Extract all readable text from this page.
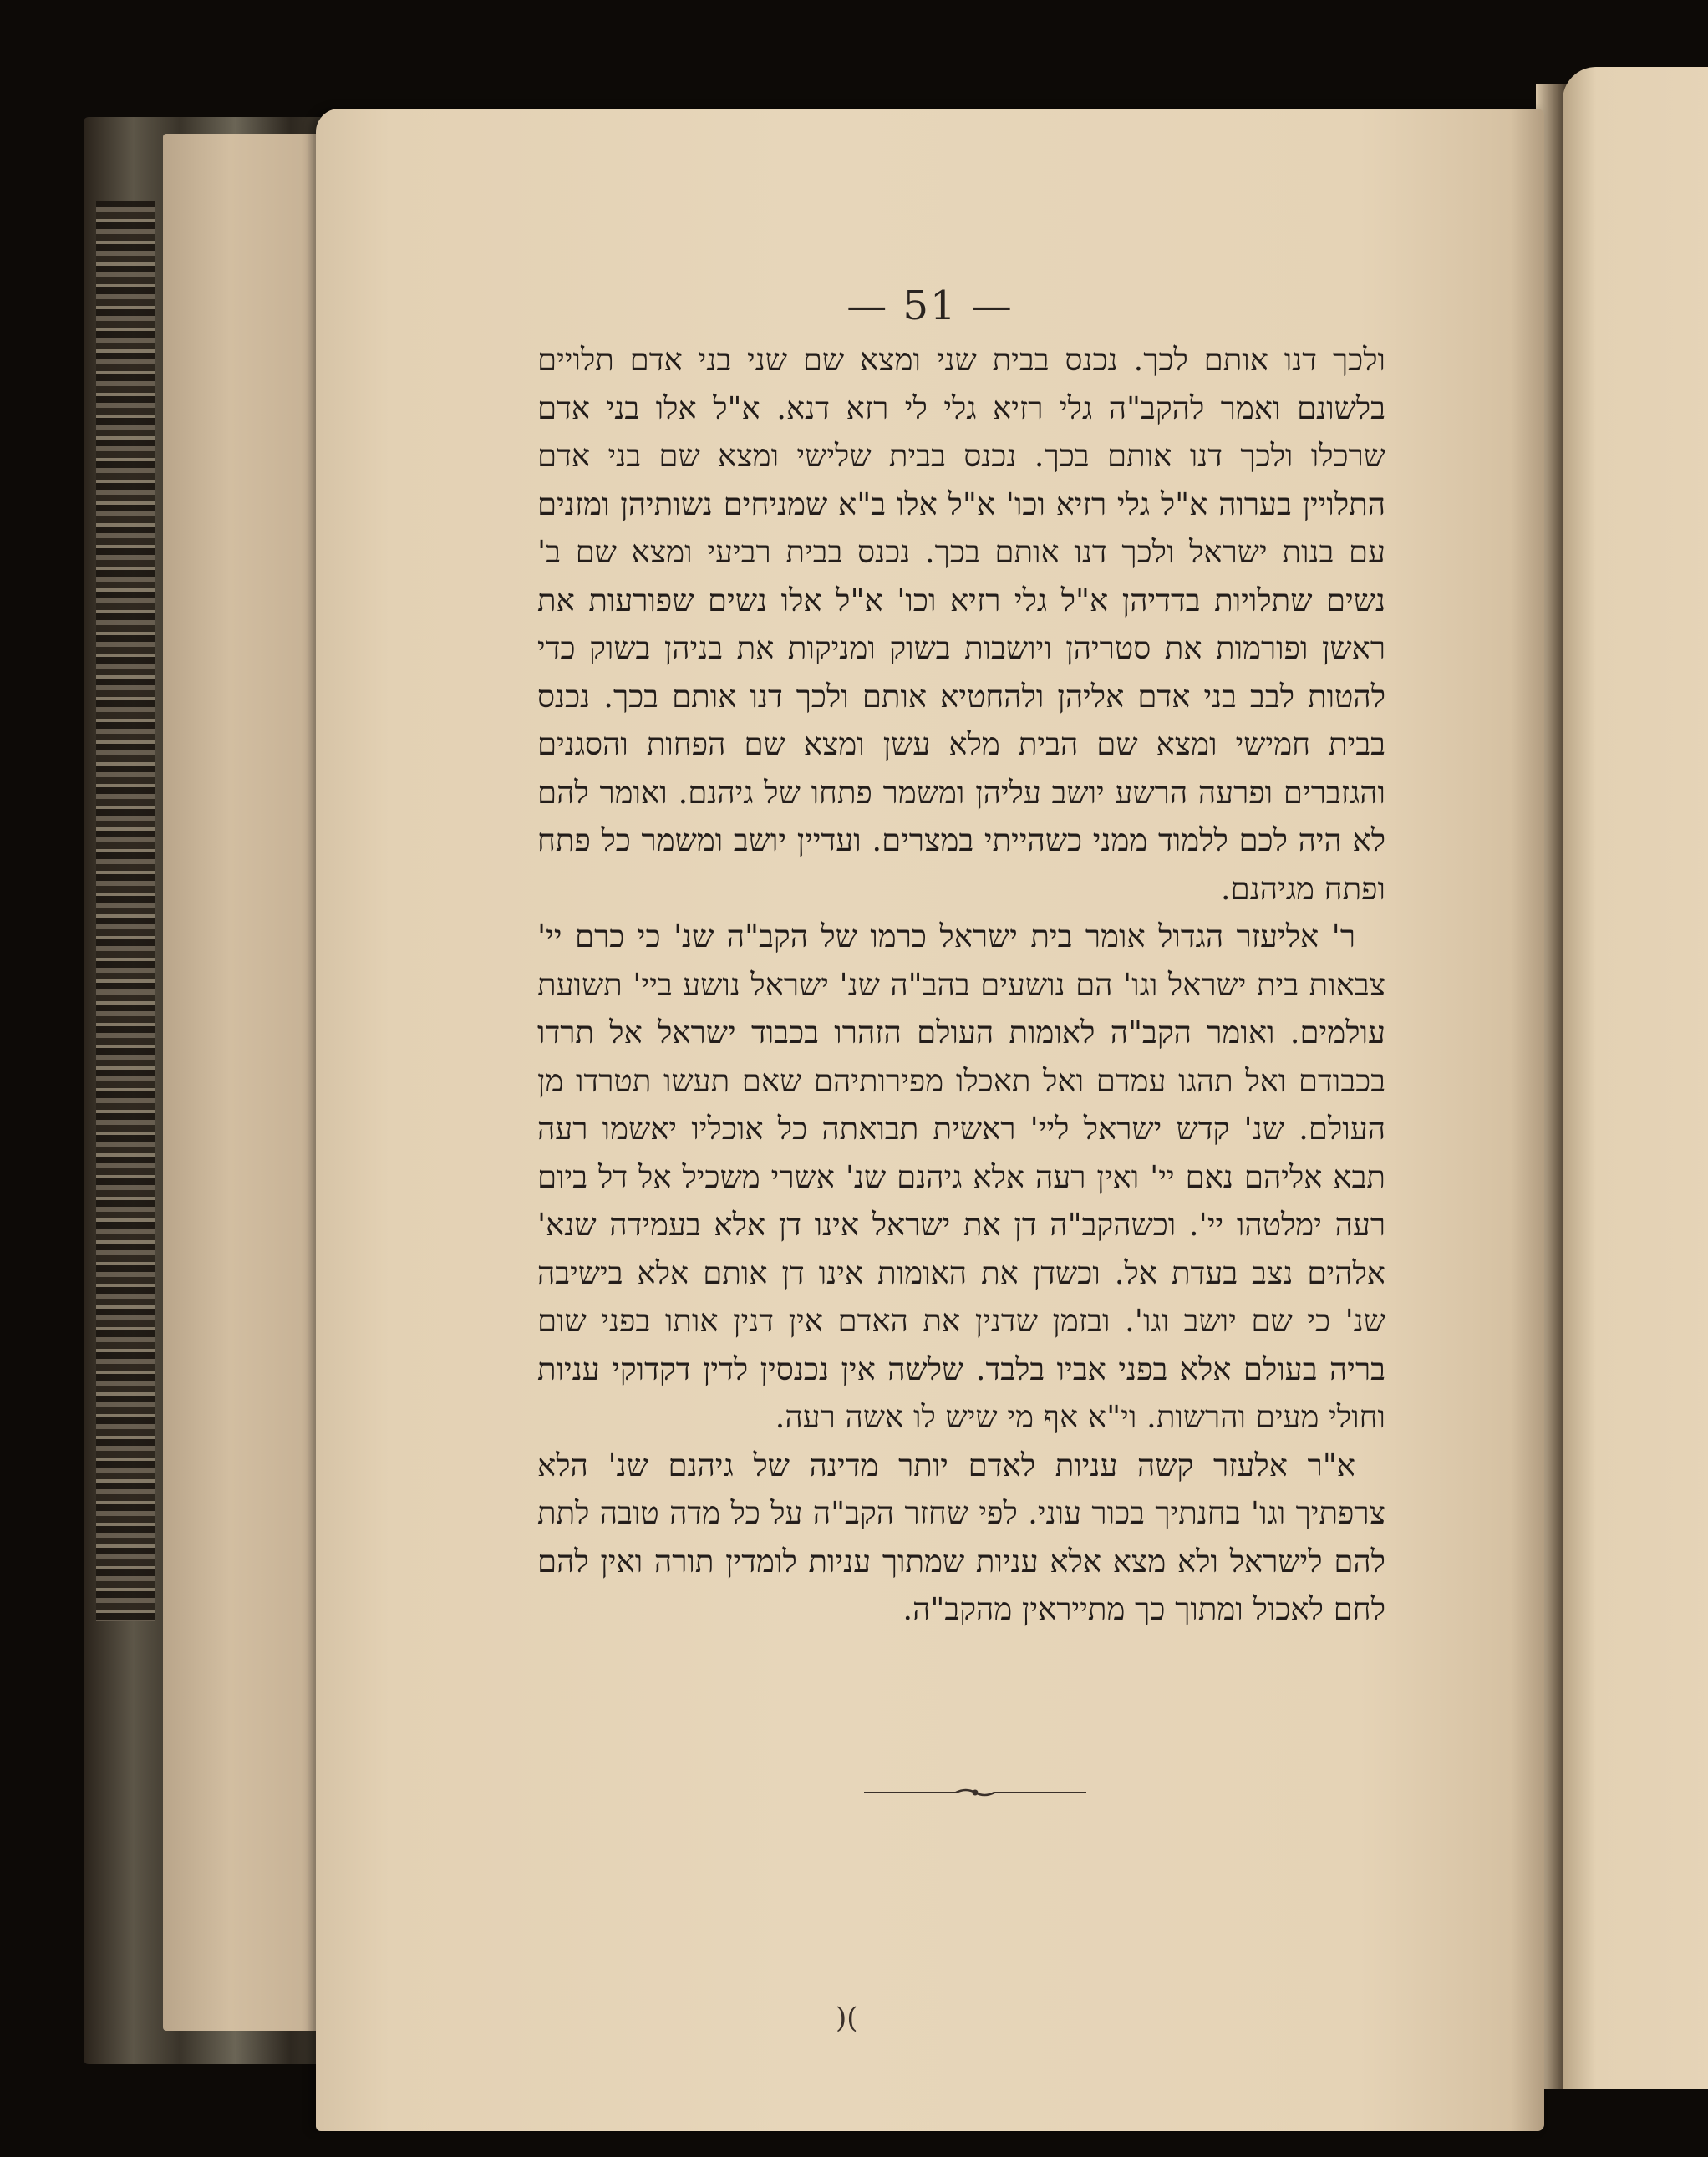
— 51 —

ולכך דנו אותם לכך. נכנס בבית שני ומצא שם שני בני אדם תלויים בלשונם ואמר להקב"ה גלי רזיא גלי לי רזא דנא. א"ל אלו בני אדם שרכלו ולכך דנו אותם בכך. נכנס בבית שלישי ומצא שם בני אדם התלויין בערוה א"ל גלי רזיא וכו' א"ל אלו ב"א שמניחים נשותיהן ומזנים עם בנות ישראל ולכך דנו אותם בכך. נכנס בבית רביעי ומצא שם ב' נשים שתלויות בדדיהן א"ל גלי רזיא וכו' א"ל אלו נשים שפורעות את ראשן ופורמות את סטריהן ויושבות בשוק ומניקות את בניהן בשוק כדי להטות לבב בני אדם אליהן ולהחטיא אותם ולכך דנו אותם בכך. נכנס בבית חמישי ומצא שם הבית מלא עשן ומצא שם הפחות והסגנים והגזברים ופרעה הרשע יושב עליהן ומשמר פתחו של גיהנם. ואומר להם לא היה לכם ללמוד ממני כשהייתי במצרים. ועדיין יושב ומשמר כל פתח ופתח מגיהנם.

ר' אליעזר הגדול אומר בית ישראל כרמו של הקב"ה שנ' כי כרם יי' צבאות בית ישראל וגו' הם נושעים בהב"ה שנ' ישראל נושע ביי' תשועת עולמים. ואומר הקב"ה לאומות העולם הזהרו בכבוד ישראל אל תרדו בכבודם ואל תהגו עמדם ואל תאכלו מפירותיהם שאם תעשו תטרדו מן העולם. שנ' קדש ישראל ליי' ראשית תבואתה כל אוכליו יאשמו רעה תבא אליהם נאם יי' ואין רעה אלא גיהנם שנ' אשרי משכיל אל דל ביום רעה ימלטהו יי'. וכשהקב"ה דן את ישראל אינו דן אלא בעמידה שנא' אלהים נצב בעדת אל. וכשדן את האומות אינו דן אותם אלא בישיבה שנ' כי שם יושב וגו'. ובזמן שדנין את האדם אין דנין אותו בפני שום בריה בעולם אלא בפני אביו בלבד. שלשה אין נכנסין לדין דקדוקי עניות וחולי מעים והרשות. וי"א אף מי שיש לו אשה רעה.

א"ר אלעזר קשה עניות לאדם יותר מדינה של גיהנם שנ' הלא צרפתיך וגו' בחנתיך בכור עוני. לפי שחזר הקב"ה על כל מדה טובה לתת להם לישראל ולא מצא אלא עניות שמתוך עניות לומדין תורה ואין להם לחם לאכול ומתוך כך מתייראין מהקב"ה.

)(
